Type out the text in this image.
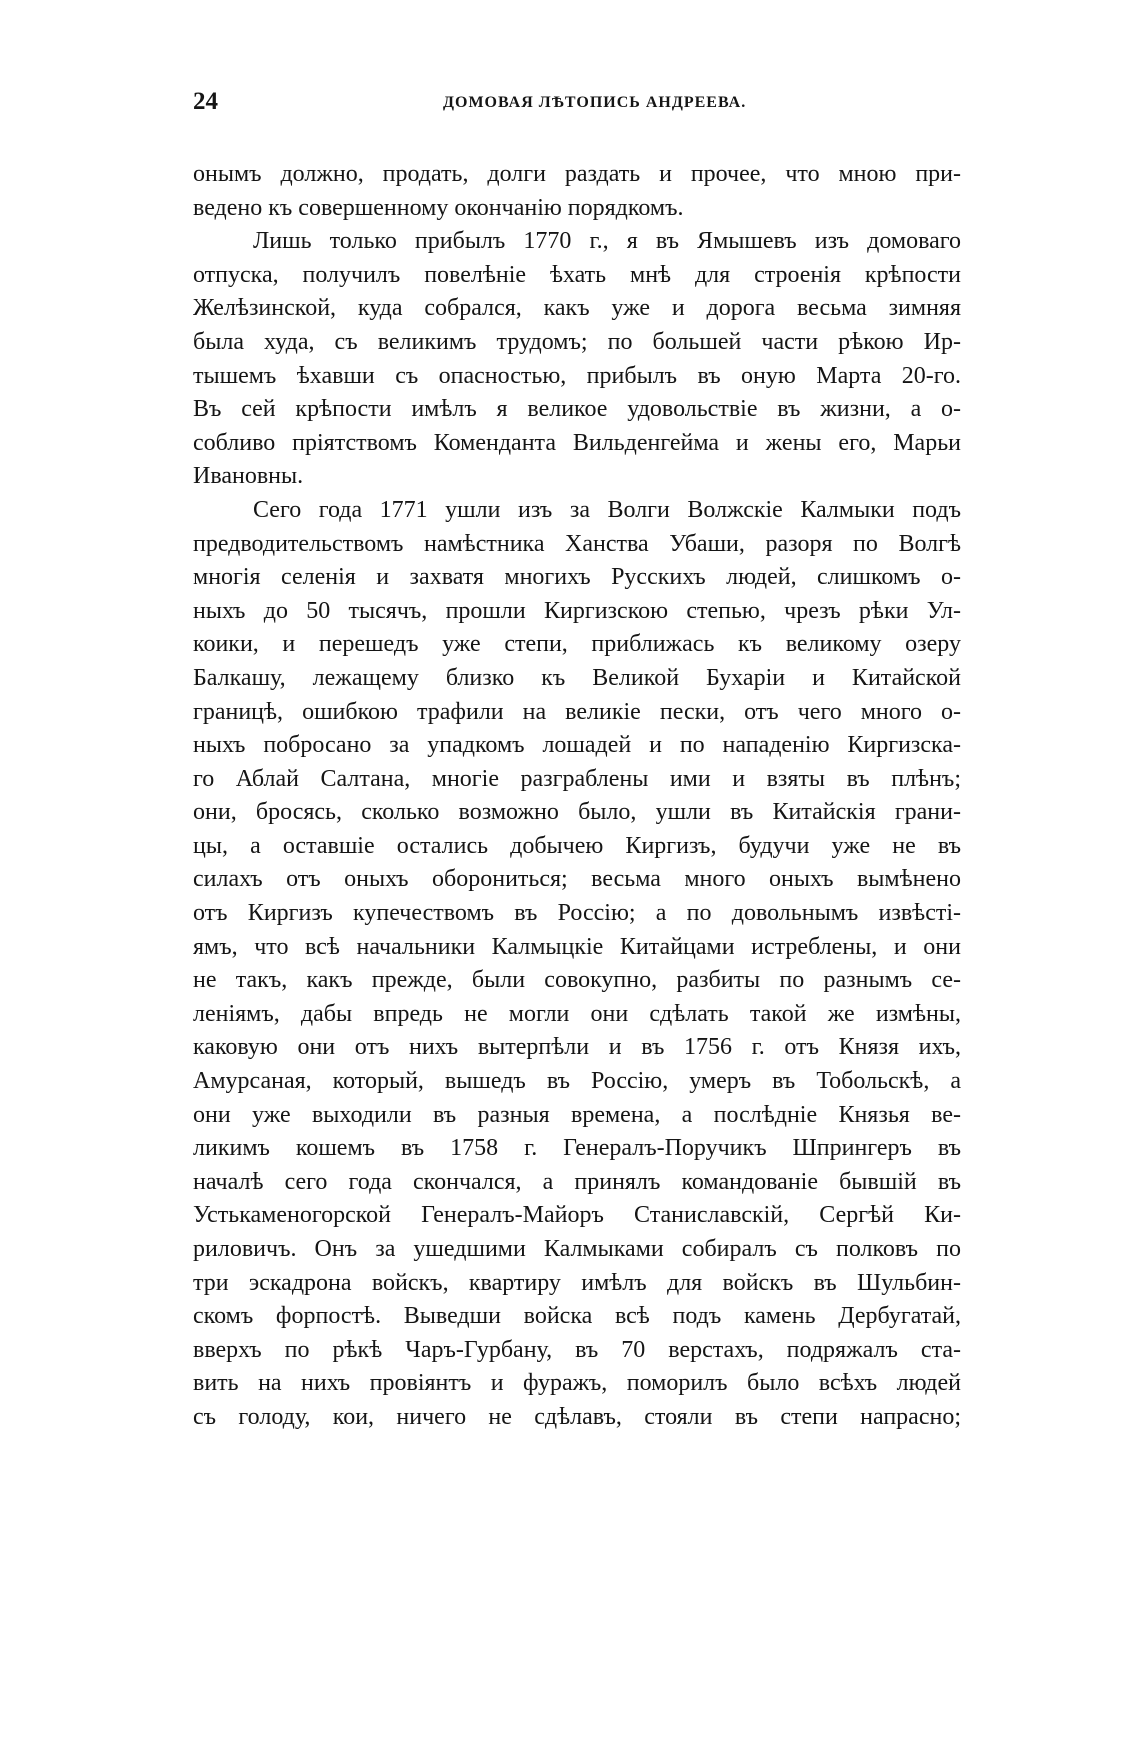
24	ДОМОВАЯ ЛѢТОПИСЬ АНДРЕЕВА.
онымъ должно, продать, долги раздать и прочее, что мною при-
ведено къ совершенному окончанiю порядкомъ.
Лишь только прибылъ 1770 г., я въ Ямышевъ изъ домоваго
отпуска, получилъ повелѣнiе ѣхать мнѣ для строенiя крѣпости
Желѣзинской, куда собрался, какъ уже и дорога весьма зимняя
была худа, съ великимъ трудомъ; по большей части рѣкою Ир-
тышемъ ѣхавши съ опасностью, прибылъ въ оную Марта 20-го.
Въ сей крѣпости имѣлъ я великое удовольствiе въ жизни, а о-
собливо прiятствомъ Коменданта Вильденгейма и жены его, Марьи
Ивановны.
Сего года 1771 ушли изъ за Волги Волжскiе Калмыки подъ
предводительствомъ намѣстника Ханства Убаши, разоря по Волгѣ
многiя селенiя и захватя многихъ Русскихъ людей, слишкомъ о-
ныхъ до 50 тысячъ, прошли Киргизскою степью, чрезъ рѣки Ул-
коики, и перешедъ уже степи, приближась къ великому озеру
Балкашу, лежащему близко къ Великой Бухарiи и Китайской
границѣ, ошибкою трафили на великiе пески, отъ чего много о-
ныхъ побросано за упадкомъ лошадей и по нападенiю Киргизска-
го Аблай Салтана, многiе разграблены ими и взяты въ плѣнъ;
они, бросясь, сколько возможно было, ушли въ Китайскiя грани-
цы, а оставшiе остались добычею Киргизъ, будучи уже не въ
силахъ отъ оныхъ оборониться; весьма много оныхъ вымѣнено
отъ Киргизъ купечествомъ въ Россiю; а по довольнымъ извѣстi-
ямъ, что всѣ начальники Калмыцкiе Китайцами истреблены, и они
не такъ, какъ прежде, были совокупно, разбиты по разнымъ се-
ленiямъ, дабы впредь не могли они сдѣлать такой же измѣны,
каковую они отъ нихъ вытерпѣли и въ 1756 г. отъ Князя ихъ,
Амурсаная, который, вышедъ въ Россiю, умеръ въ Тобольскѣ, а
они уже выходили въ разныя времена, а послѣднiе Князья ве-
ликимъ кошемъ въ 1758 г. Генералъ-Поручикъ Шпрингеръ въ
началѣ сего года скончался, а принялъ командованiе бывшiй въ
Устькаменогорской Генералъ-Майоръ Станиславскiй, Сергѣй Ки-
риловичъ. Онъ за ушедшими Калмыками собиралъ съ полковъ по
три эскадрона войскъ, квартиру имѣлъ для войскъ въ Шульбин-
скомъ форпостѣ. Выведши войска всѣ подъ камень Дербугатай,
вверхъ по рѣкѣ Чаръ-Гурбану, въ 70 верстахъ, подряжалъ ста-
вить на нихъ провiянтъ и фуражъ, поморилъ было всѣхъ людей
съ голоду, кои, ничего не сдѣлавъ, стояли въ степи напрасно;
